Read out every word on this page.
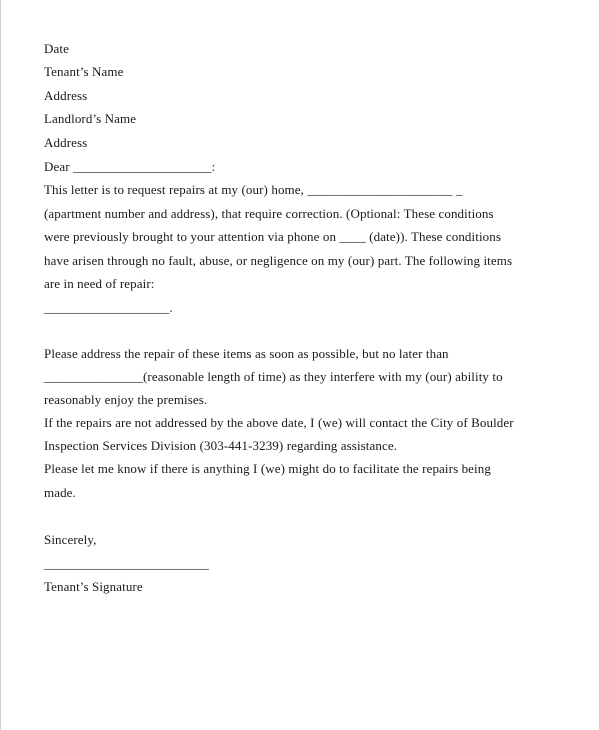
Date
Tenant’s Name
Address
Landlord’s Name
Address
Dear _____________________:
This letter is to request repairs at my (our) home, ______________________ _
(apartment number and address), that require correction. (Optional: These conditions
were previously brought to your attention via phone on ____ (date)). These conditions
have arisen through no fault, abuse, or negligence on my (our) part. The following items
are in need of repair:
___________________.
Please address the repair of these items as soon as possible, but no later than
_______________(reasonable length of time) as they interfere with my (our) ability to
reasonably enjoy the premises.
If the repairs are not addressed by the above date, I (we) will contact the City of Boulder
Inspection Services Division (303-441-3239) regarding assistance.
Please let me know if there is anything I (we) might do to facilitate the repairs being
made.
Sincerely,
_________________________
Tenant’s Signature
